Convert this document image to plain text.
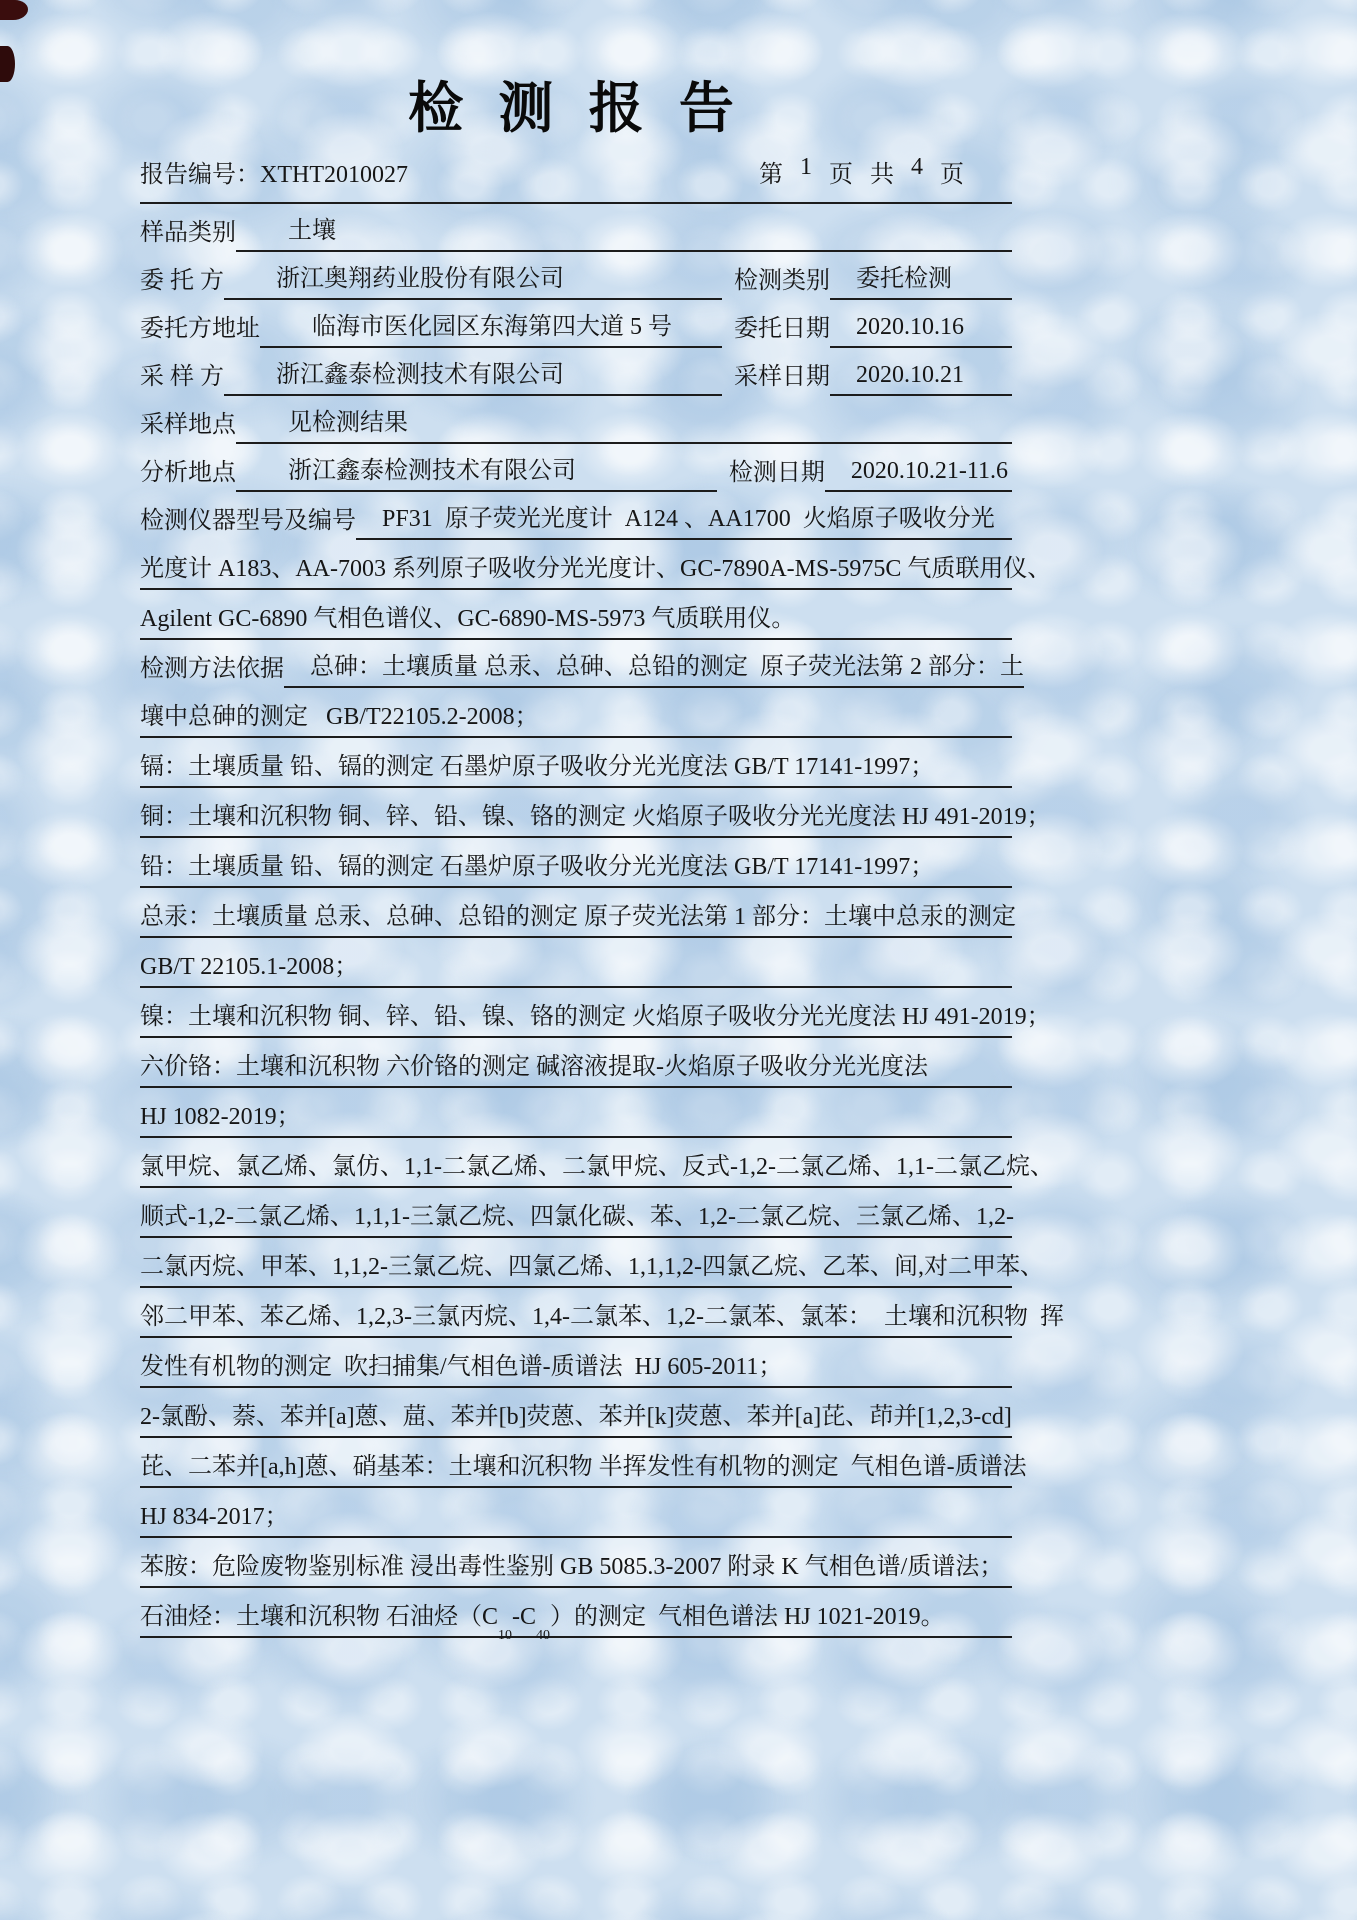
检 测 报 告
报告编号：XTHT2010027	第 1 页 共 4 页
样品类别	土壤
委 托 方	浙江奥翔药业股份有限公司	检测类别	委托检测
委托方地址	临海市医化园区东海第四大道 5 号	委托日期	2020.10.16
采 样 方	浙江鑫泰检测技术有限公司	采样日期	2020.10.21
采样地点	见检测结果
分析地点	浙江鑫泰检测技术有限公司	检测日期	2020.10.21-11.6
检测仪器型号及编号	PF31  原子荧光光度计  A124 、AA1700  火焰原子吸收分光
光度计 A183、AA-7003 系列原子吸收分光光度计、GC-7890A-MS-5975C 气质联用仪、
Agilent GC-6890 气相色谱仪、GC-6890-MS-5973 气质联用仪。
检测方法依据	总砷：土壤质量 总汞、总砷、总铅的测定  原子荧光法第 2 部分：土
壤中总砷的测定   GB/T22105.2-2008；
镉：土壤质量 铅、镉的测定 石墨炉原子吸收分光光度法 GB/T 17141-1997；
铜：土壤和沉积物 铜、锌、铅、镍、铬的测定 火焰原子吸收分光光度法 HJ 491-2019；
铅：土壤质量 铅、镉的测定 石墨炉原子吸收分光光度法 GB/T 17141-1997；
总汞：土壤质量 总汞、总砷、总铅的测定 原子荧光法第 1 部分：土壤中总汞的测定
GB/T 22105.1-2008；
镍：土壤和沉积物 铜、锌、铅、镍、铬的测定 火焰原子吸收分光光度法 HJ 491-2019；
六价铬：土壤和沉积物 六价铬的测定 碱溶液提取-火焰原子吸收分光光度法
HJ 1082-2019；
氯甲烷、氯乙烯、氯仿、1,1-二氯乙烯、二氯甲烷、反式-1,2-二氯乙烯、1,1-二氯乙烷、
顺式-1,2-二氯乙烯、1,1,1-三氯乙烷、四氯化碳、苯、1,2-二氯乙烷、三氯乙烯、1,2-
二氯丙烷、甲苯、1,1,2-三氯乙烷、四氯乙烯、1,1,1,2-四氯乙烷、乙苯、间,对二甲苯、
邻二甲苯、苯乙烯、1,2,3-三氯丙烷、1,4-二氯苯、1,2-二氯苯、氯苯：  土壤和沉积物  挥
发性有机物的测定  吹扫捕集/气相色谱-质谱法  HJ 605-2011；
2-氯酚、萘、苯并[a]蒽、䓛、苯并[b]荧蒽、苯并[k]荧蒽、苯并[a]芘、茚并[1,2,3-cd]
芘、二苯并[a,h]蒽、硝基苯：土壤和沉积物 半挥发性有机物的测定  气相色谱-质谱法
HJ 834-2017；
苯胺：危险废物鉴别标准 浸出毒性鉴别 GB 5085.3-2007 附录 K 气相色谱/质谱法；
石油烃：土壤和沉积物 石油烃（C
10
-C
40
）的测定  气相色谱法 HJ 1021-2019。
